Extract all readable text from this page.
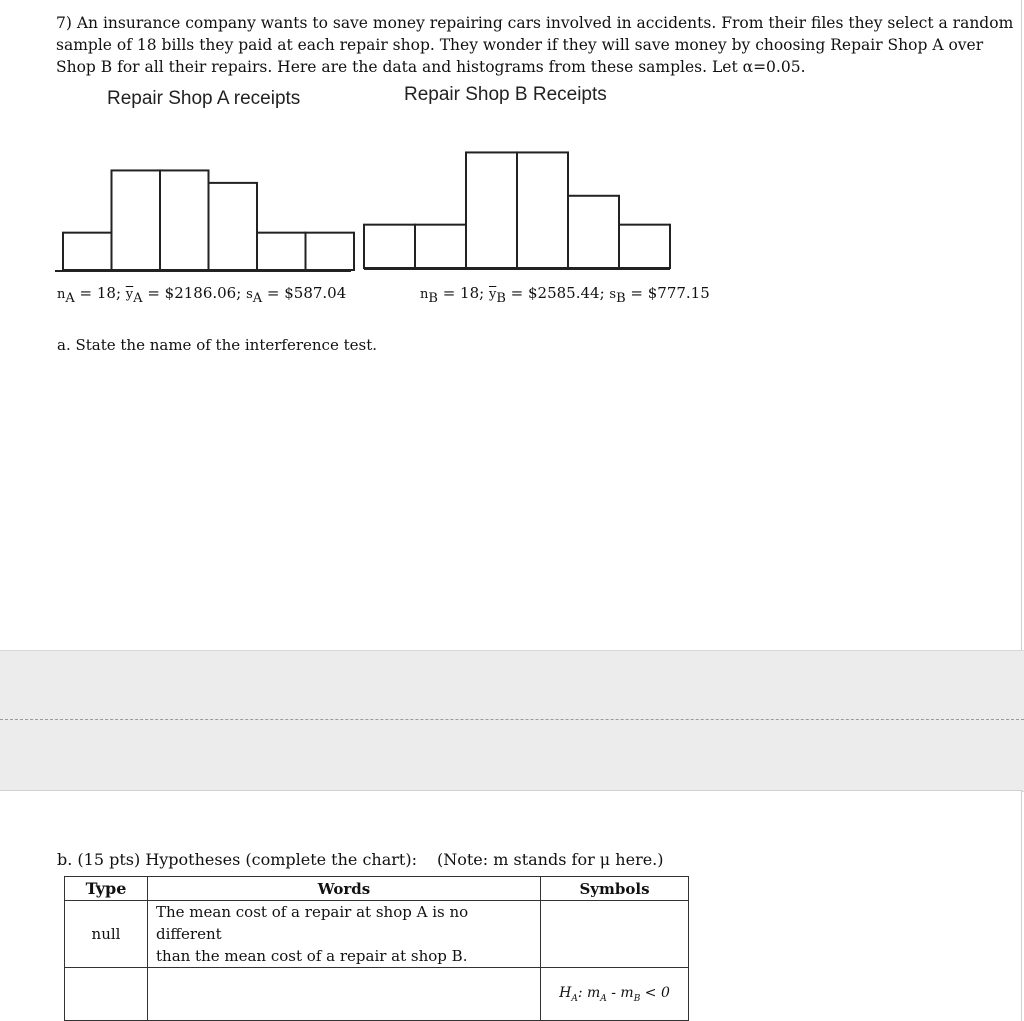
7) An insurance company wants to save money repairing cars involved in accidents. From their files they select a random
sample of 18 bills they paid at each repair shop. They wonder if they will save money by choosing Repair Shop A over
Shop B for all their repairs. Here are the data and histograms from these samples. Let α=0.05.

Repair Shop A receipts	Repair Shop B Receipts
$n_A = 18$; $\overline{y}_A$ = $2186.06; $s_A$ = $587.04	$n_B = 18$; $\overline{y}_B$ = $2585.44; $s_B$ = $777.15
a. State the name of the interference test.
b. (15 pts) Hypotheses (complete the chart): (Note: m stands for μ here.)
Type	Words	Symbols
null	The mean cost of a repair at shop A is no different
than the mean cost of a repair at shop B.	
		$H_A$: $m_A - m_B < 0$
